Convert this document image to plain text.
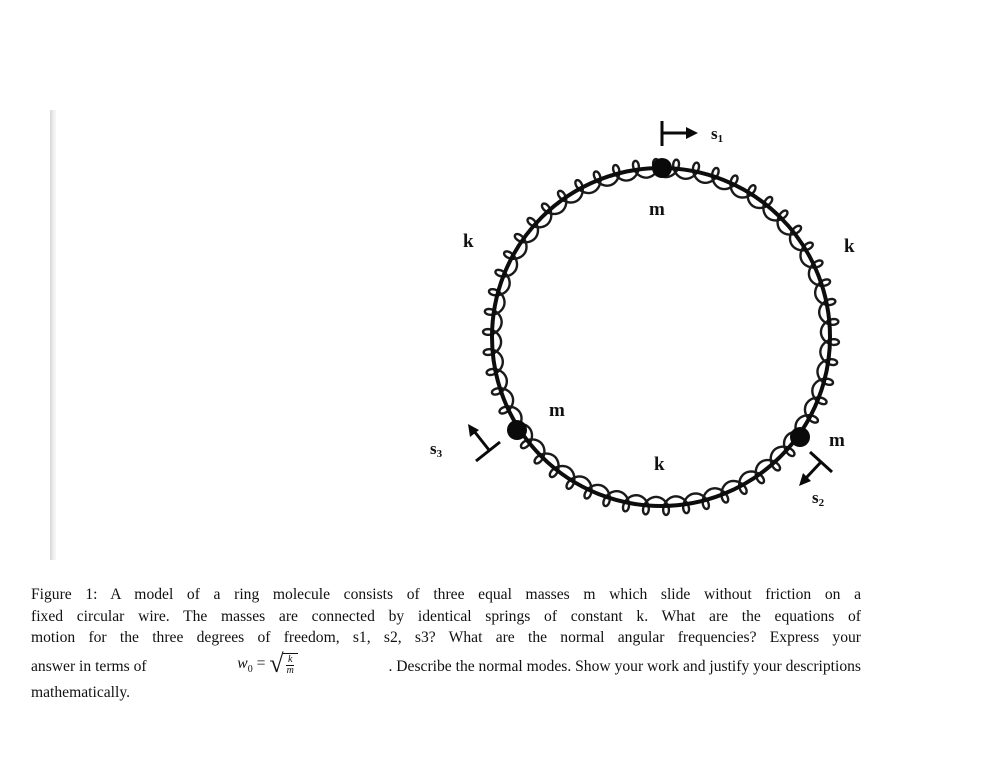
s1
s3
s2
m
m
m
k	k
k
Figure 1: A model of a ring molecule consists of three equal masses m which slide without friction on a
fixed circular wire. The masses are connected by identical springs of constant k. What are the equations of
motion for the three degrees of freedom, s1, s2, s3? What are the normal angular frequencies? Express your
answer in terms of	$w_0$ = √ $\frac{k}{m}$	. Describe the normal modes. Show your work and justify your descriptions
mathematically.
